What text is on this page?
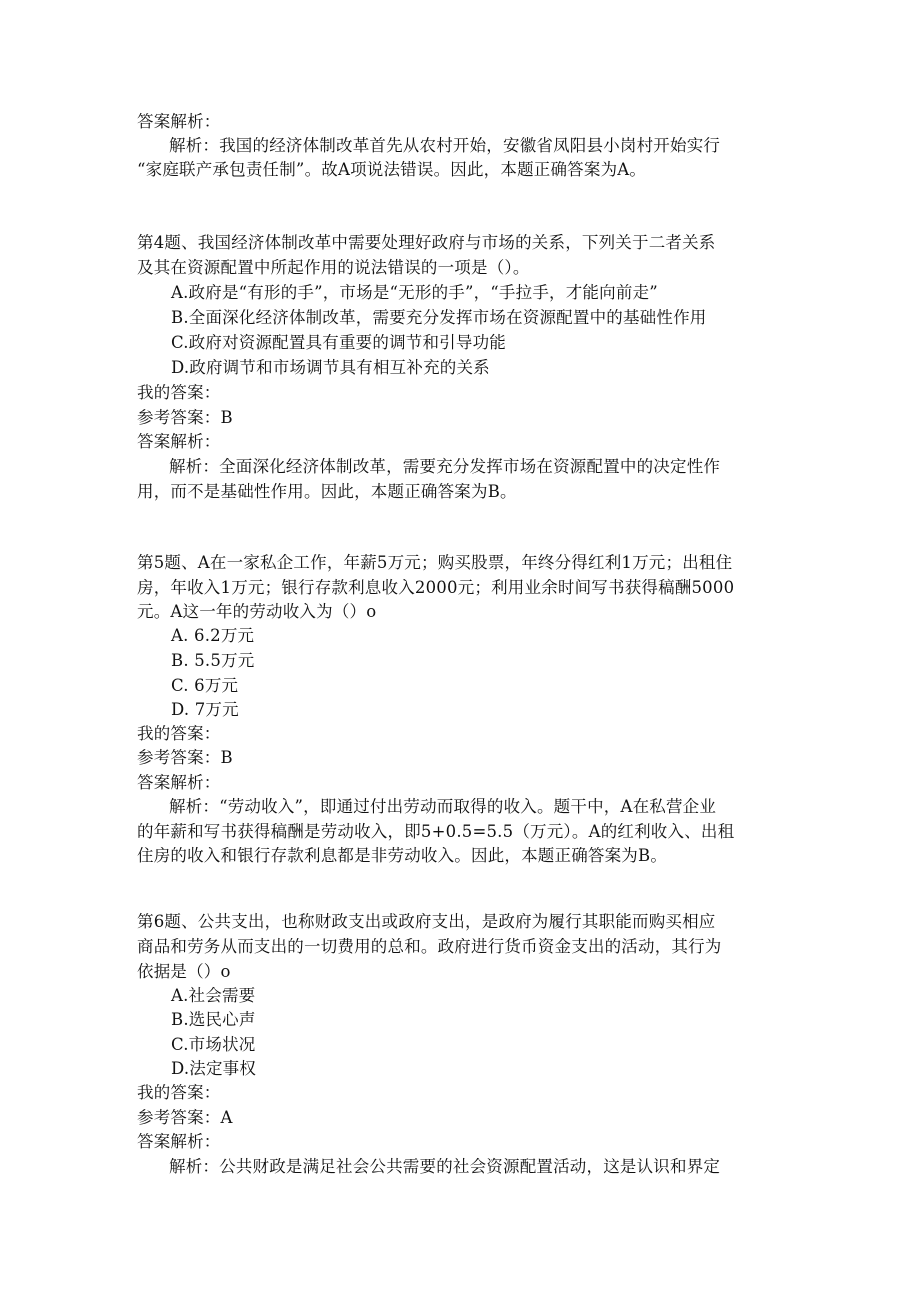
答案解析：
解析：我国的经济体制改革首先从农村开始，安徽省凤阳县小岗村开始实行
“家庭联产承包责任制”。故A项说法错误。因此，本题正确答案为A。
第4题、我国经济体制改革中需要处理好政府与市场的关系，下列关于二者关系
及其在资源配置中所起作用的说法错误的一项是（）。
A.政府是“有形的手”，市场是“无形的手”，“手拉手，才能向前走”
B.全面深化经济体制改革，需要充分发挥市场在资源配置中的基础性作用
C.政府对资源配置具有重要的调节和引导功能
D.政府调节和市场调节具有相互补充的关系
我的答案：
参考答案：B
答案解析：
解析：全面深化经济体制改革，需要充分发挥市场在资源配置中的决定性作
用，而不是基础性作用。因此，本题正确答案为B。
第5题、A在一家私企工作，年薪5万元；购买股票，年终分得红利1万元；出租住
房，年收入1万元；银行存款利息收入2000元；利用业余时间写书获得稿酬5000
元。A这一年的劳动收入为（）o
A. 6.2万元
B. 5.5万元
C. 6万元
D. 7万元
我的答案：
参考答案：B
答案解析：
解析：“劳动收入”，即通过付出劳动而取得的收入。题干中，A在私营企业
的年薪和写书获得稿酬是劳动收入，即5+0.5=5.5（万元）。A的红利收入、出租
住房的收入和银行存款利息都是非劳动收入。因此，本题正确答案为B。
第6题、公共支出，也称财政支出或政府支出，是政府为履行其职能而购买相应
商品和劳务从而支出的一切费用的总和。政府进行货币资金支出的活动，其行为
依据是（）o
A.社会需要
B.选民心声
C.市场状况
D.法定事权
我的答案：
参考答案：A
答案解析：
解析：公共财政是满足社会公共需要的社会资源配置活动，这是认识和界定
